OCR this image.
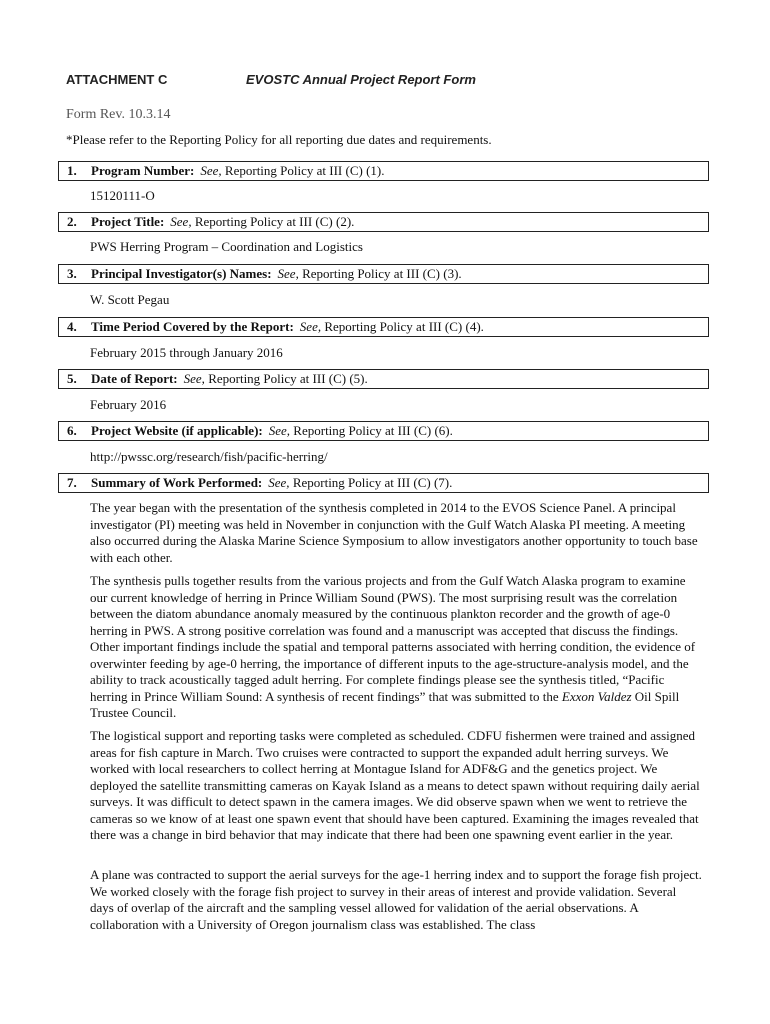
ATTACHMENT C	EVOSTC Annual Project Report Form
Form Rev. 10.3.14
*Please refer to the Reporting Policy for all reporting due dates and requirements.
1. Program Number: See, Reporting Policy at III (C) (1).
15120111-O
2. Project Title: See, Reporting Policy at III (C) (2).
PWS Herring Program – Coordination and Logistics
3. Principal Investigator(s) Names: See, Reporting Policy at III (C) (3).
W. Scott Pegau
4. Time Period Covered by the Report: See, Reporting Policy at III (C) (4).
February 2015 through January 2016
5. Date of Report: See, Reporting Policy at III (C) (5).
February 2016
6. Project Website (if applicable): See, Reporting Policy at III (C) (6).
http://pwssc.org/research/fish/pacific-herring/
7. Summary of Work Performed: See, Reporting Policy at III (C) (7).

The year began with the presentation of the synthesis completed in 2014 to the EVOS Science Panel. A principal investigator (PI) meeting was held in November in conjunction with the Gulf Watch Alaska PI meeting. A meeting also occurred during the Alaska Marine Science Symposium to allow investigators another opportunity to touch base with each other.

The synthesis pulls together results from the various projects and from the Gulf Watch Alaska program to examine our current knowledge of herring in Prince William Sound (PWS). The most surprising result was the correlation between the diatom abundance anomaly measured by the continuous plankton recorder and the growth of age-0 herring in PWS. A strong positive correlation was found and a manuscript was accepted that discuss the findings. Other important findings include the spatial and temporal patterns associated with herring condition, the evidence of overwinter feeding by age-0 herring, the importance of different inputs to the age-structure-analysis model, and the ability to track acoustically tagged adult herring. For complete findings please see the synthesis titled, “Pacific herring in Prince William Sound: A synthesis of recent findings” that was submitted to the Exxon Valdez Oil Spill Trustee Council.

The logistical support and reporting tasks were completed as scheduled. CDFU fishermen were trained and assigned areas for fish capture in March. Two cruises were contracted to support the expanded adult herring surveys. We worked with local researchers to collect herring at Montague Island for ADF&G and the genetics project. We deployed the satellite transmitting cameras on Kayak Island as a means to detect spawn without requiring daily aerial surveys. It was difficult to detect spawn in the camera images. We did observe spawn when we went to retrieve the cameras so we know of at least one spawn event that should have been captured. Examining the images revealed that there was a change in bird behavior that may indicate that there had been one spawning event earlier in the year.

A plane was contracted to support the aerial surveys for the age-1 herring index and to support the forage fish project. We worked closely with the forage fish project to survey in their areas of interest and provide validation. Several days of overlap of the aircraft and the sampling vessel allowed for validation of the aerial observations. A collaboration with a University of Oregon journalism class was established. The class
